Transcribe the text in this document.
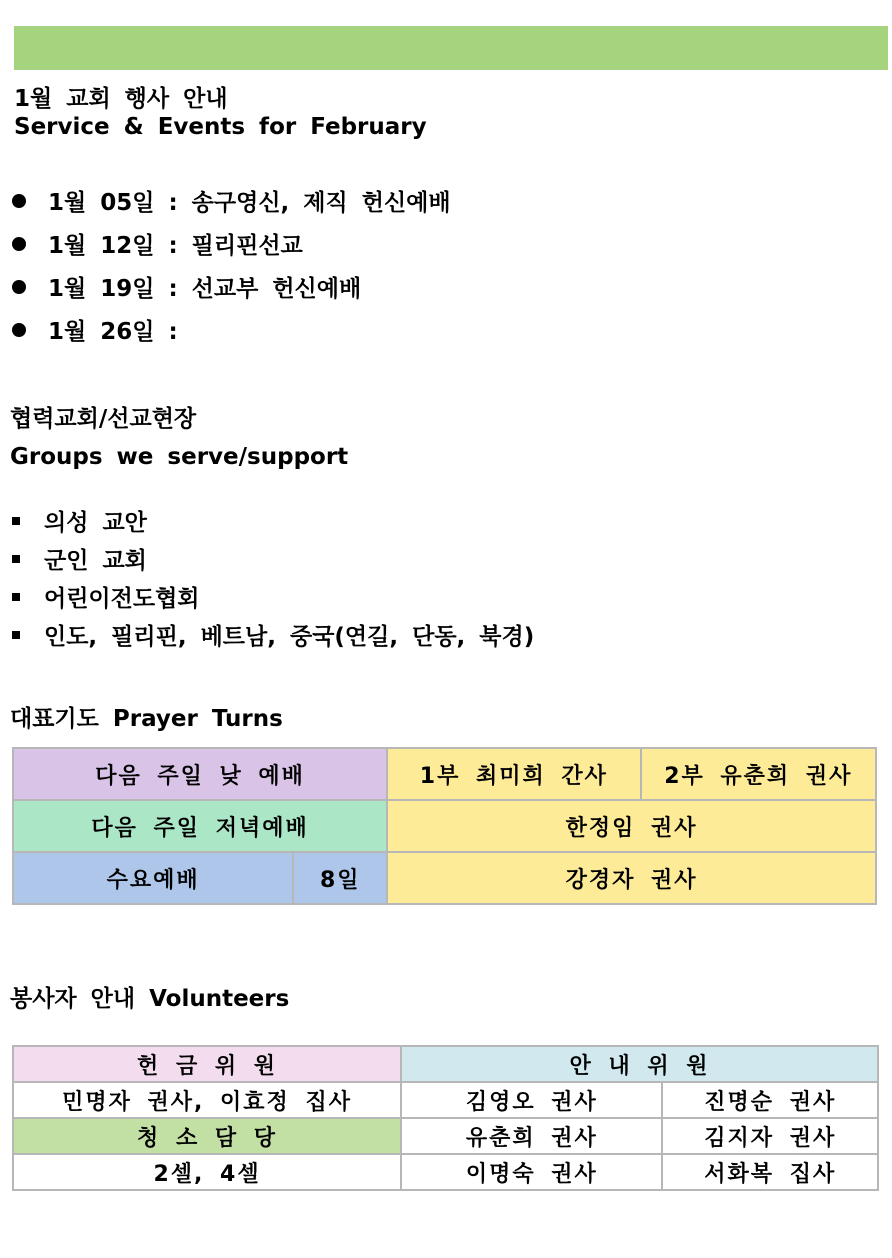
1월 교회 행사 안내
Service & Events for February
1월 05일 : 송구영신, 제직 헌신예배
1월 12일 : 필리핀선교
1월 19일 : 선교부 헌신예배
1월 26일 :
협력교회/선교현장
Groups we serve/support
의성 교안
군인 교회
어린이전도협회
인도, 필리핀, 베트남, 중국(연길, 단동, 북경)
대표기도 Prayer Turns
다음 주일 낮 예배		1부 최미희 간사	2부 유춘희 권사
다음 주일 저녁예배		한정임 권사	
수요예배	8일	강경자 권사	
봉사자 안내 Volunteers
헌 금 위 원	안 내 위 원	
민명자 권사, 이효정 집사	김영오 권사	진명순 권사
청 소 담 당	유춘희 권사	김지자 권사
2셀, 4셀	이명숙 권사	서화복 집사
